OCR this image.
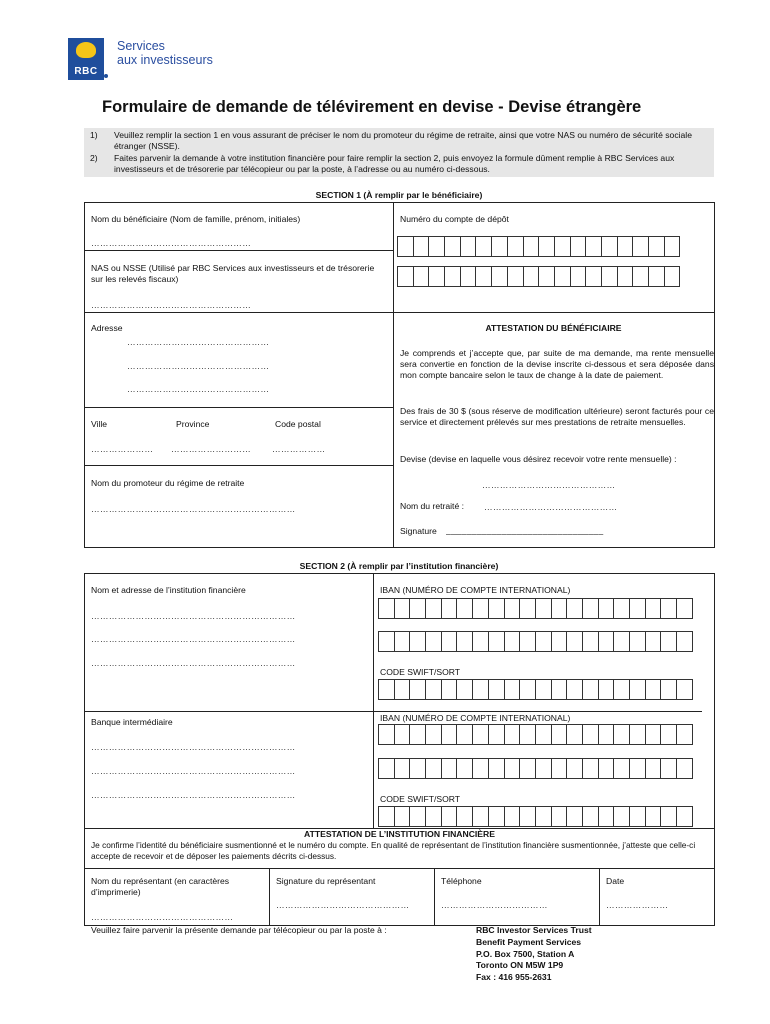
RBC
Services
aux investisseurs
Formulaire de demande de télévirement en devise - Devise étrangère
1)	Veuillez remplir la section 1 en vous assurant de préciser le nom du promoteur du régime de retraite, ainsi que votre NAS ou numéro de sécurité sociale étranger (NSSE).
2)	Faites parvenir la demande à votre institution financière pour faire remplir la section 2, puis envoyez la formule dûment remplie à RBC Services aux investisseurs et de trésorerie par télécopieur ou par la poste, à l’adresse ou au numéro ci-dessous.
SECTION 1 (À remplir par le bénéficiaire)
Nom du bénéficiaire (Nom de famille, prénom, initiales)
………………………………………………
Numéro du compte de dépôt
NAS ou NSSE (Utilisé par RBC Services aux investisseurs et de trésorerie sur les relevés fiscaux)
………………………………………………
Adresse
…………………………………………
…………………………………………
…………………………………………
Ville	Province	Code postal
…………………	………………………	………………
Nom du promoteur du régime de retraite
……………………………………………………………
ATTESTATION DU BÉNÉFICIAIRE
Je comprends et j’accepte que, par suite de ma demande, ma rente mensuelle sera convertie en fonction de la devise inscrite ci-dessous et sera déposée dans mon compte bancaire selon le taux de change à la date de paiement.
Des frais de 30 $ (sous réserve de modification ultérieure) seront facturés pour ce service et directement prélevés sur mes prestations de retraite mensuelles.
Devise (devise en laquelle vous désirez recevoir votre rente mensuelle) :
………………………………………
Nom du retraité : ………………………………………
Signature _______________________________
SECTION 2 (À remplir par l’institution financière)
Nom et adresse de l’institution financière
……………………………………………………………
……………………………………………………………
……………………………………………………………
IBAN (NUMÉRO DE COMPTE INTERNATIONAL)
CODE SWIFT/SORT
Banque intermédiaire
……………………………………………………………
……………………………………………………………
……………………………………………………………
IBAN (NUMÉRO DE COMPTE INTERNATIONAL)
CODE SWIFT/SORT
ATTESTATION DE L’INSTITUTION FINANCIÈRE
Je confirme l’identité du bénéficiaire susmentionné et le numéro du compte. En qualité de représentant de l’institution financière susmentionnée, j’atteste que celle-ci accepte de recevoir et de déposer les paiements décrits ci-dessus.
Nom du représentant (en caractères d’imprimerie)
…………………………………………
Signature du représentant
………………………………………
Téléphone
………………………………
Date
…………………
Veuillez faire parvenir la présente demande par télécopieur ou par la poste à :	RBC Investor Services Trust
Benefit Payment Services
P.O. Box 7500, Station A
Toronto ON M5W 1P9
Fax : 416 955-2631
